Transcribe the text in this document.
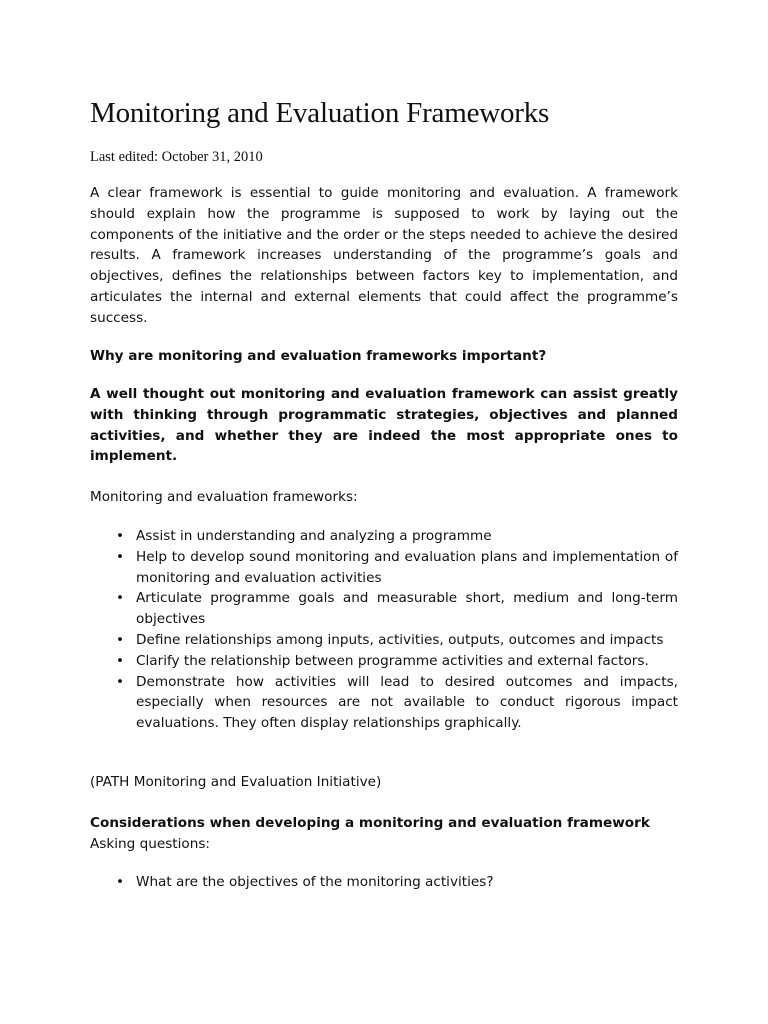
Monitoring and Evaluation Frameworks
Last edited: October 31, 2010

A clear framework is essential to guide monitoring and evaluation. A framework should explain how the programme is supposed to work by laying out the components of the initiative and the order or the steps needed to achieve the desired results. A framework increases understanding of the programme’s goals and objectives, defines the relationships between factors key to implementation, and articulates the internal and external elements that could affect the programme’s success.

Why are monitoring and evaluation frameworks important?

A well thought out monitoring and evaluation framework can assist greatly with thinking through programmatic strategies, objectives and planned activities, and whether they are indeed the most appropriate ones to implement.

Monitoring and evaluation frameworks:

• Assist in understanding and analyzing a programme
• Help to develop sound monitoring and evaluation plans and implementation of monitoring and evaluation activities
• Articulate programme goals and measurable short, medium and long-term objectives
• Define relationships among inputs, activities, outputs, outcomes and impacts
• Clarify the relationship between programme activities and external factors.
• Demonstrate how activities will lead to desired outcomes and impacts, especially when resources are not available to conduct rigorous impact evaluations. They often display relationships graphically.

(PATH Monitoring and Evaluation Initiative)

Considerations when developing a monitoring and evaluation framework

Asking questions:

• What are the objectives of the monitoring activities?
